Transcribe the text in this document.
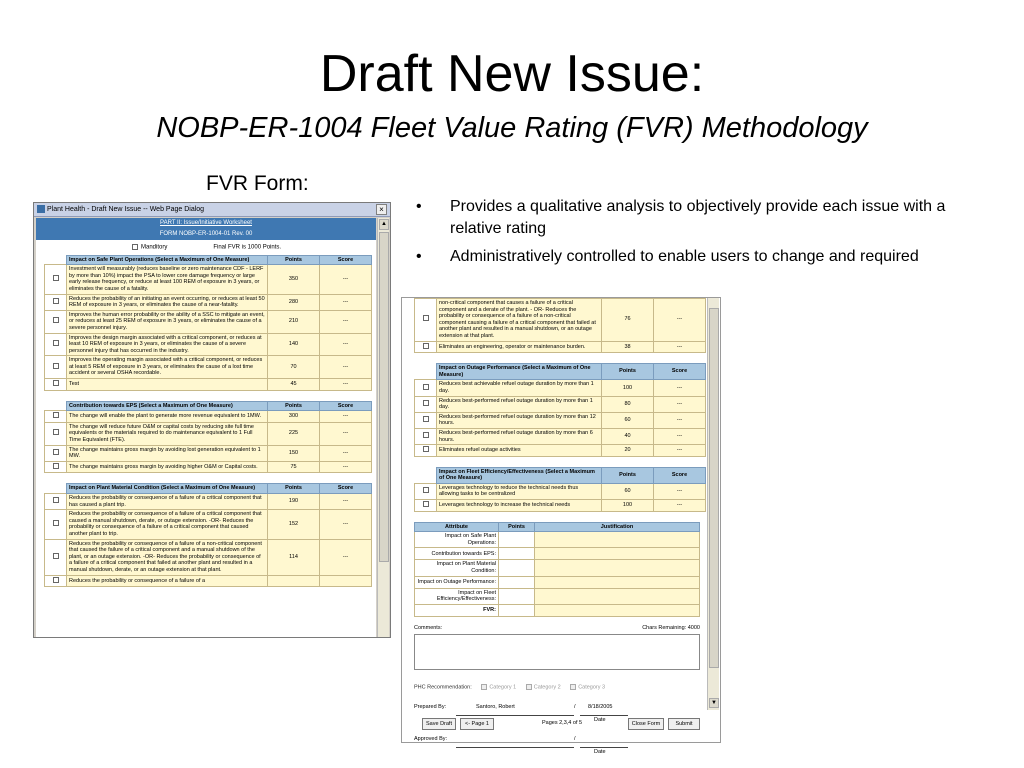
Draft New Issue:
NOBP-ER-1004 Fleet Value Rating (FVR) Methodology
FVR Form:
• Provides a qualitative analysis to objectively provide each issue with a relative rating
• Administratively controlled to enable users to change and required
Plant Health - Draft New Issue -- Web Page Dialog	×
PART II: Issue/Initiative Worksheet
FORM NOBP-ER-1004-01 Rev. 00
Manditory	Final FVR is 1000 Points.
	Impact on Safe Plant Operations (Select a Maximum of One Measure)	Points	Score
	Investment will measurably (reduces baseline or zero maintenance CDF - LERF by more than 10%) impact the PSA to lower core damage frequency or large early release frequency, or reduce at least 100 REM of exposure in 3 years, or eliminates the cause of a fatality.	350	---
	Reduces the probability of an initiating an event occurring, or reduces at least 50 REM of exposure in 3 years, or eliminates the cause of a near-fatality.	280	---
	Improves the human error probability or the ability of a SSC to mitigate an event, or reduces at least 25 REM of exposure in 3 years, or eliminates the cause of a severe personnel injury.	210	---
	Improves the design margin associated with a critical component, or reduces at least 10 REM of exposure in 3 years, or eliminates the cause of a severe personnel injury that has occurred in the industry.	140	---
	Improves the operating margin associated with a critical component, or reduces at least 5 REM of exposure in 3 years, or eliminates the cause of a lost time accident or several OSHA recordable.	70	---
	Test	45	---
	Contribution towards EPS (Select a Maximum of One Measure)	Points	Score
	The change will enable the plant to generate more revenue equivalent to 1MW.	300	---
	The change will reduce future O&M or capital costs by reducing site full time equivalents or the materials required to do maintenance equivalent to 1 Full Time Equivalent (FTE).	225	---
	The change maintains gross margin by avoiding lost generation equivalent to 1 MW.	150	---
	The change maintains gross margin by avoiding higher O&M or Capital costs.	75	---
	Impact on Plant Material Condition (Select a Maximum of One Measure)	Points	Score
	Reduces the probability or consequence of a failure of a critical component that has caused a plant trip.	190	---
	Reduces the probability or consequence of a failure of a critical component that caused a manual shutdown, derate, or outage extension. -OR- Reduces the probability or consequence of a failure of a critical component that caused another plant to trip.	152	---
	Reduces the probability or consequence of a failure of a non-critical component that caused the failure of a critical component and a manual shutdown of the plant, or an outage extension. -OR- Reduces the probability or consequence of a failure of a critical component that failed at another plant and resulted in a manual shutdown, derate, or an outage extension at that plant.	114	---
	Reduces the probability or consequence of a failure of a		
▲
	non-critical component that causes a failure of a critical component and a derate of the plant. - OR- Reduces the probability or consequence of a failure of a non-critical component causing a failure of a critical component that failed at another plant and resulted in a manual shutdown, or an outage extension at that plant.	76	---
	Eliminates an engineering, operator or maintenance burden.	38	---
	Impact on Outage Performance (Select a Maximum of One Measure)	Points	Score
	Reduces best achievable refuel outage duration by more than 1 day.	100	---
	Reduces best-performed refuel outage duration by more than 1 day.	80	---
	Reduces best-performed refuel outage duration by more than 12 hours.	60	---
	Reduces best-performed refuel outage duration by more than 6 hours.	40	---
	Eliminates refuel outage activities	20	---
	Impact on Fleet Efficiency/Effectiveness (Select a Maximum of One Measure)	Points	Score
	Leverages technology to reduce the technical needs thus allowing tasks to be centralized	60	---
	Leverages technology to increase the technical needs	100	---
Attribute	Points	Justification
Impact on Safe Plant Operations:		
Contribution towards EPS:		
Impact on Plant Material Condition:		
Impact on Outage Performance:		
Impact on Fleet Efficiency/Effectiveness:		
FVR:		
Comments:	Chars Remaining: 4000
PHC Recommendation:	Category 1	Category 2	Category 3
Prepared By:	Santoro, Robert	/ 8/18/2005
Date
Approved By:	/
Date
▼
Save Draft	<- Page 1	Pages 2,3,4 of 5	Close Form	Submit
